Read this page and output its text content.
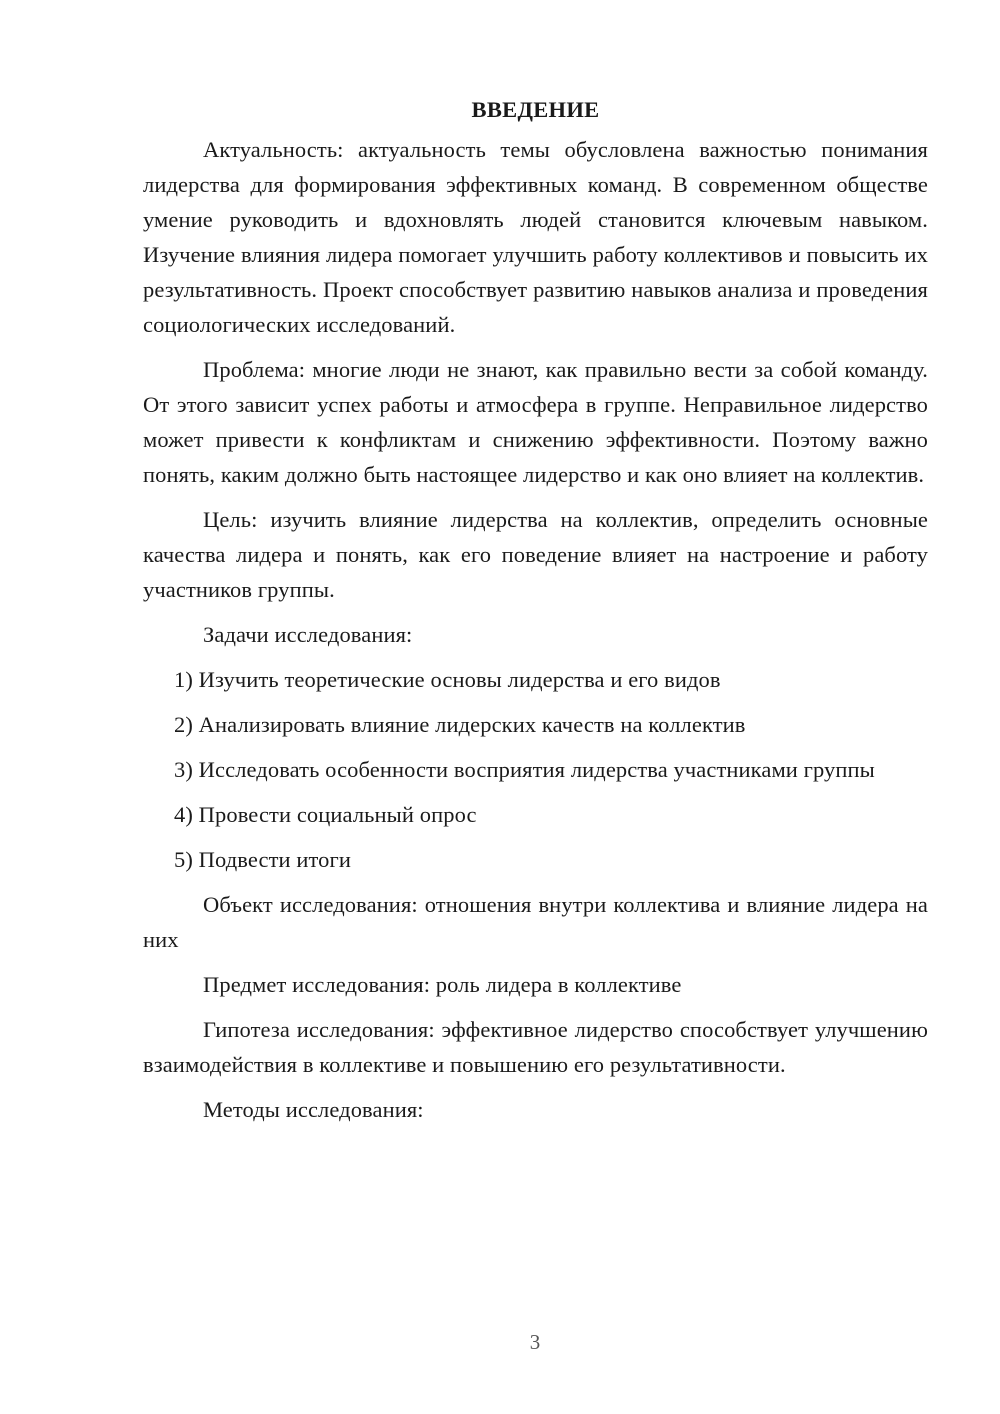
ВВЕДЕНИЕ

Актуальность: актуальность темы обусловлена важностью понимания лидерства для формирования эффективных команд. В современном обществе умение руководить и вдохновлять людей становится ключевым навыком. Изучение влияния лидера помогает улучшить работу коллективов и повысить их результативность. Проект способствует развитию навыков анализа и проведения социологических исследований.

Проблема: многие люди не знают, как правильно вести за собой команду. От этого зависит успех работы и атмосфера в группе. Неправильное лидерство может привести к конфликтам и снижению эффективности. Поэтому важно понять, каким должно быть настоящее лидерство и как оно влияет на коллектив.

Цель: изучить влияние лидерства на коллектив, определить основные качества лидера и понять, как его поведение влияет на настроение и работу участников группы.

Задачи исследования:

1) Изучить теоретические основы лидерства и его видов

2) Анализировать влияние лидерских качеств на коллектив

3) Исследовать особенности восприятия лидерства участниками группы

4) Провести социальный опрос

5) Подвести итоги

Объект исследования: отношения внутри коллектива и влияние лидера на них

Предмет исследования: роль лидера в коллективе

Гипотеза исследования: эффективное лидерство способствует улучшению взаимодействия в коллективе и повышению его результативности.

Методы исследования:

3
